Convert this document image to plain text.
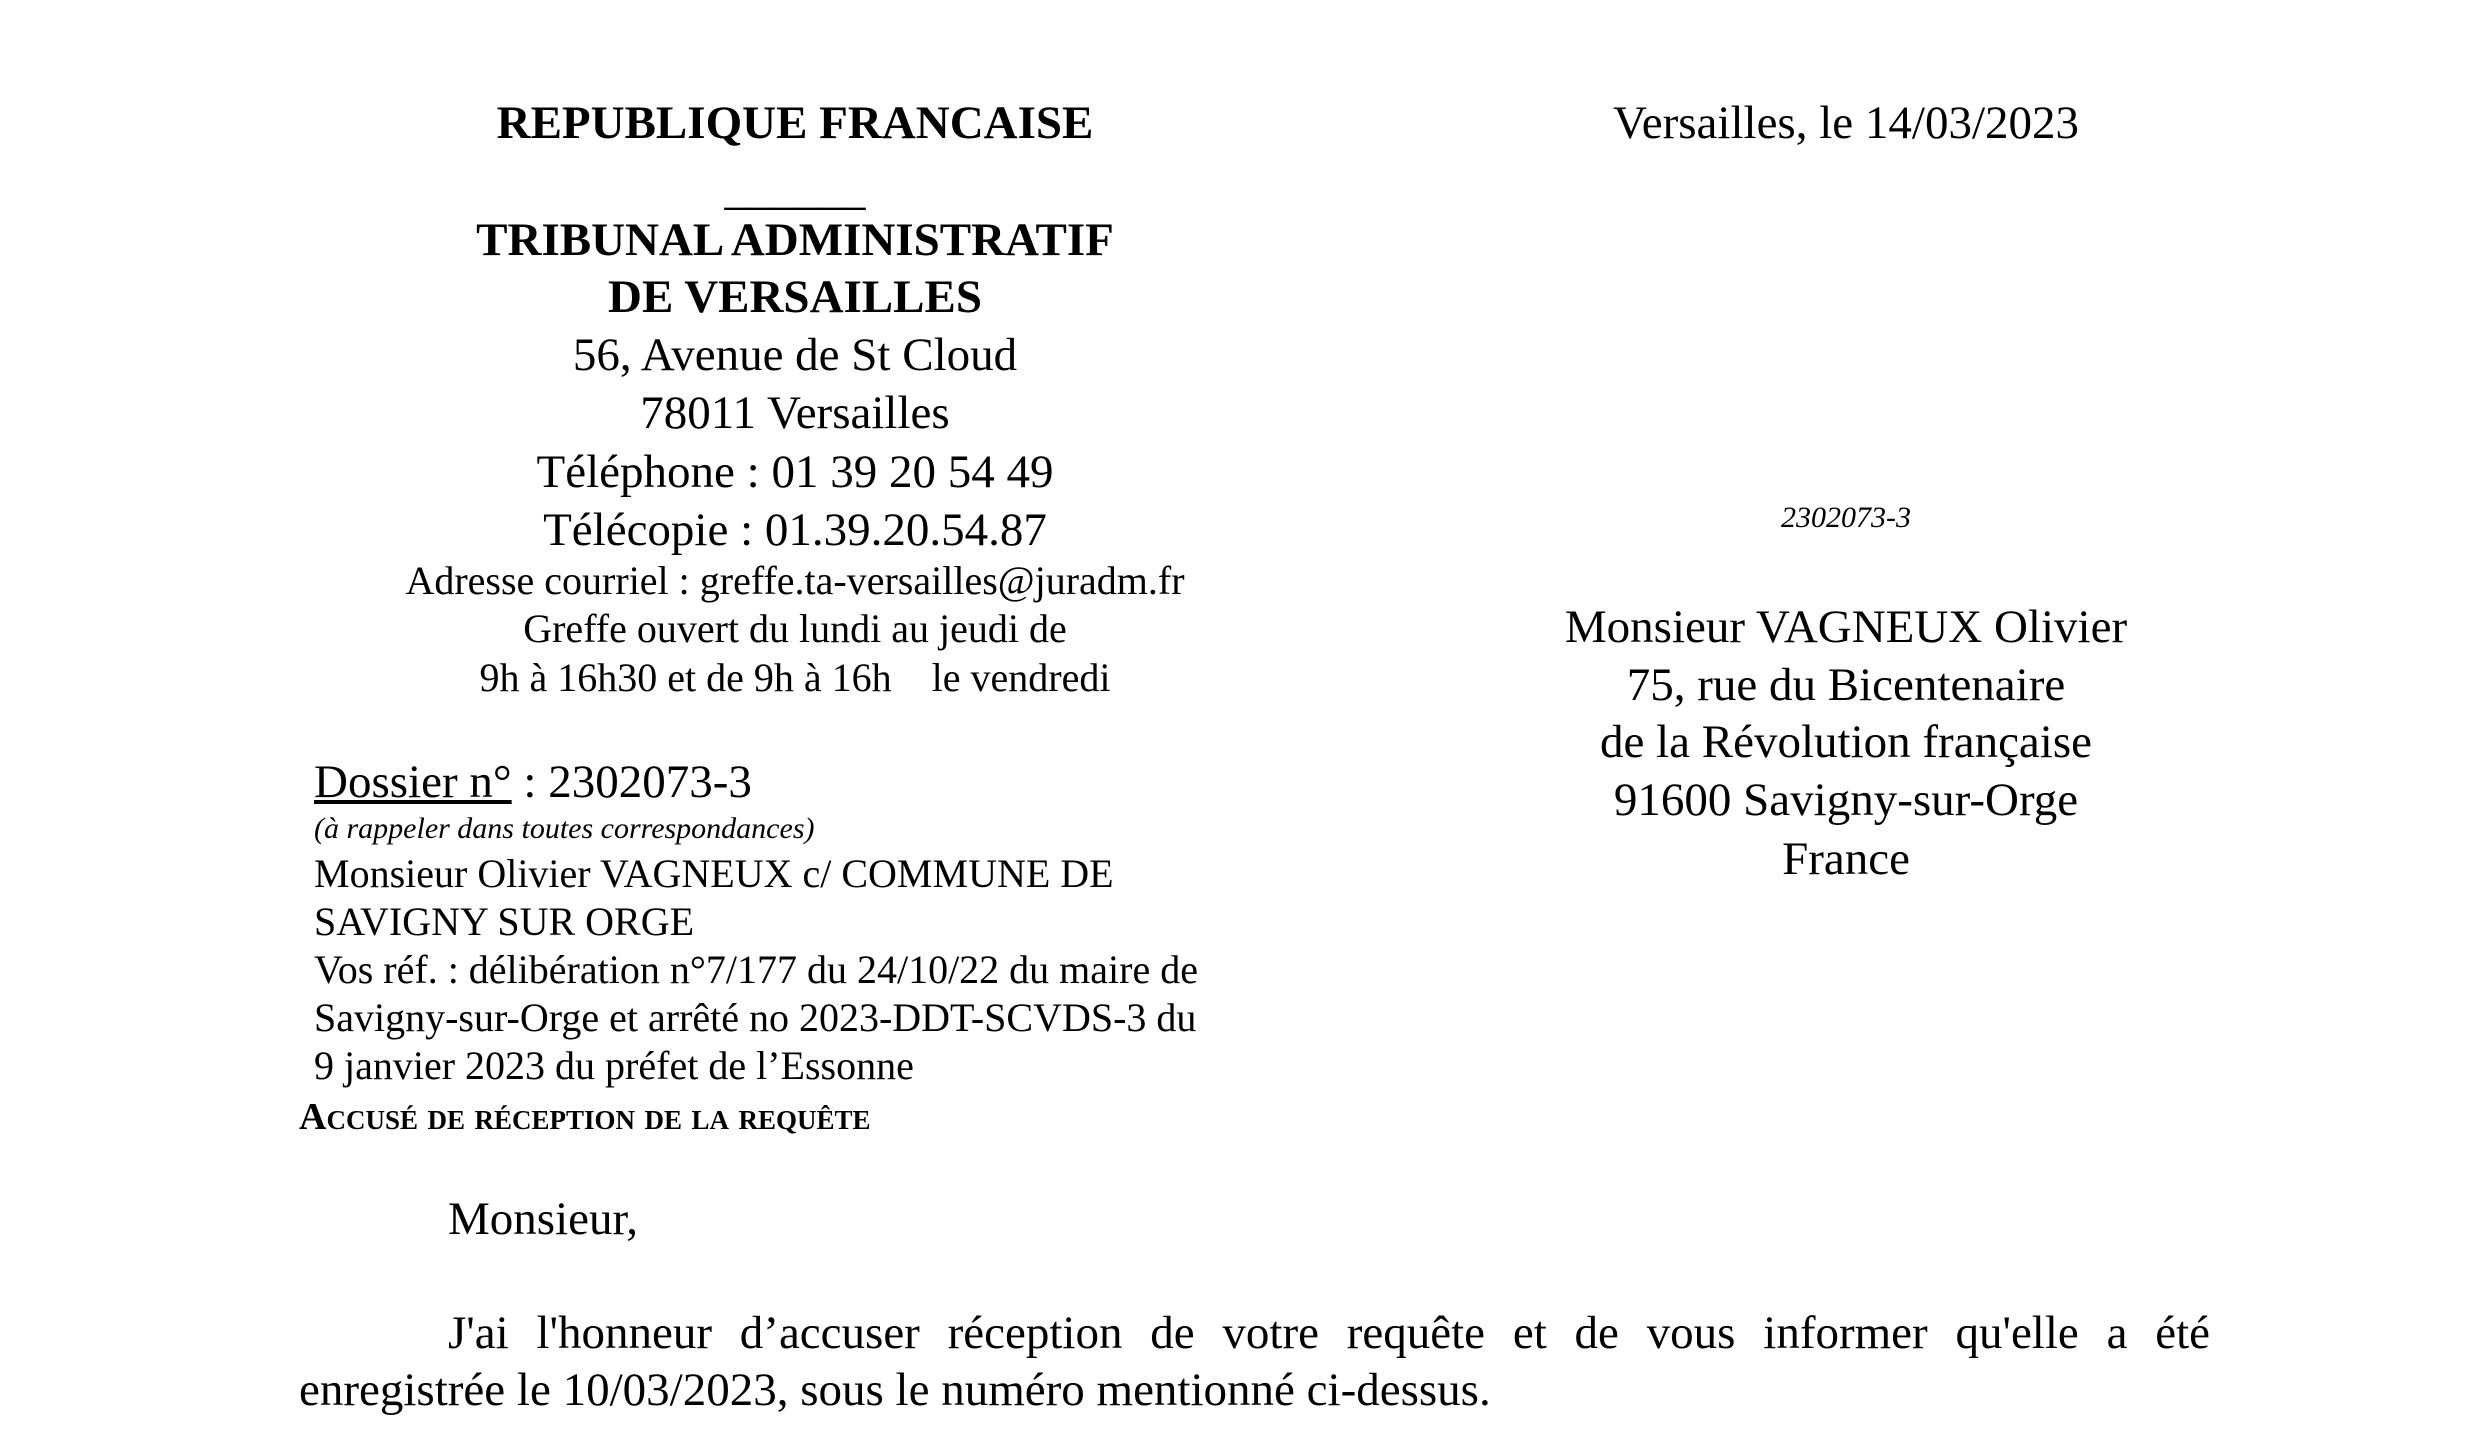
REPUBLIQUE FRANCAISE
______
TRIBUNAL ADMINISTRATIF
DE VERSAILLES
56, Avenue de St Cloud
78011 Versailles
Téléphone : 01 39 20 54 49
Télécopie : 01.39.20.54.87
Adresse courriel : greffe.ta-versailles@juradm.fr
Greffe ouvert du lundi au jeudi de
9h à 16h30 et de 9h à 16h    le vendredi
Versailles, le 14/03/2023
2302073-3
Monsieur VAGNEUX Olivier
75, rue du Bicentenaire
de la Révolution française
91600 Savigny-sur-Orge
France
Dossier n° : 2302073-3
(à rappeler dans toutes correspondances)
Monsieur Olivier VAGNEUX c/ COMMUNE DE
SAVIGNY SUR ORGE
Vos réf. : délibération n°7/177 du 24/10/22 du maire de
Savigny-sur-Orge et arrêté no 2023-DDT-SCVDS-3 du
9 janvier 2023 du préfet de l’Essonne
Accusé de réception de la requête
Monsieur,
J'ai l'honneur d’accuser réception de votre requête et de vous informer qu'elle a été
enregistrée le 10/03/2023, sous le numéro mentionné ci-dessus.
